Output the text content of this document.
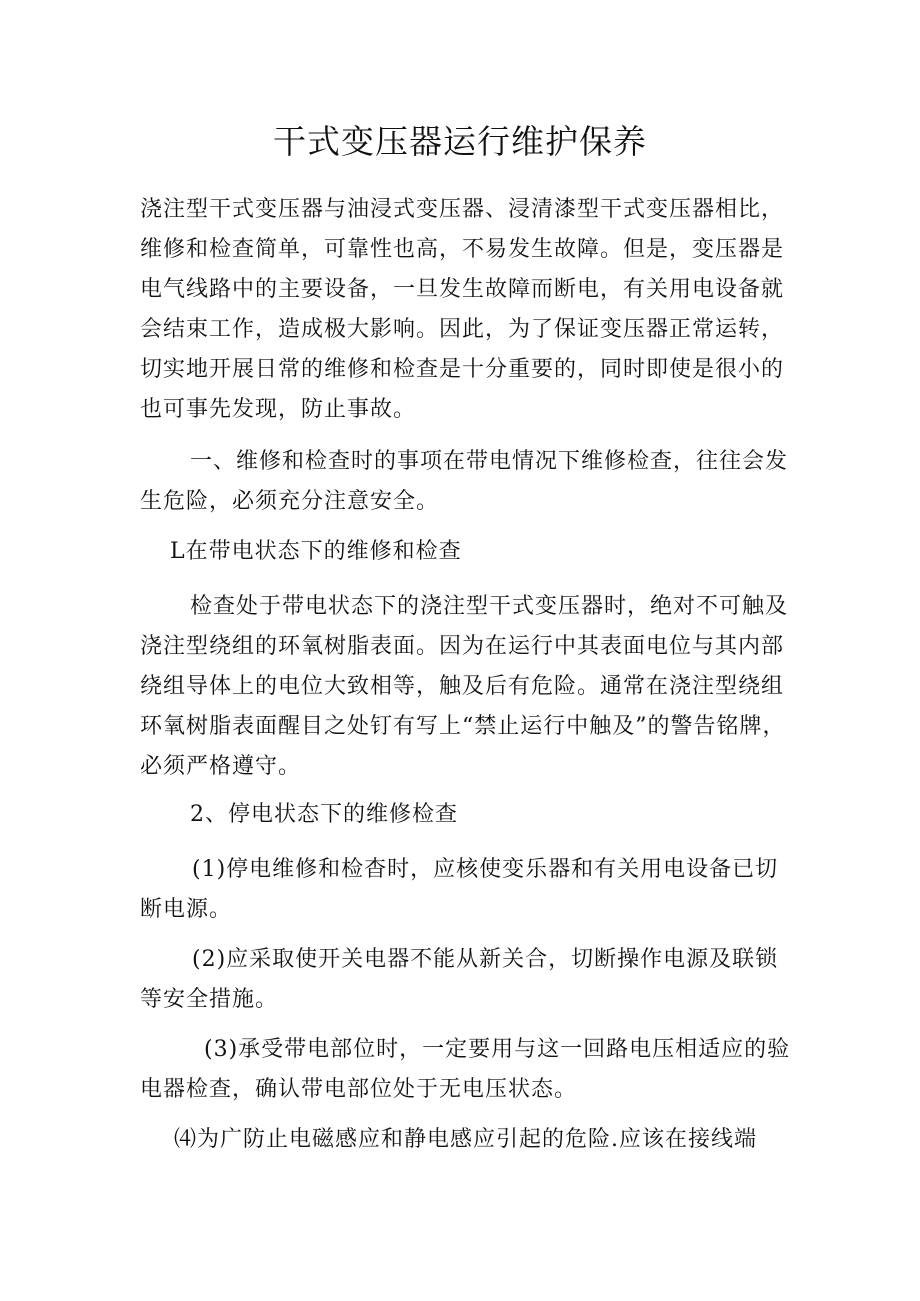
干式变压器运行维护保养

浇注型干式变压器与油浸式变压器、浸清漆型干式变压器相比，维修和检查简单，可靠性也高，不易发生故障。但是，变压器是电气线路中的主要设备，一旦发生故障而断电，有关用电设备就会结束工作，造成极大影响。因此，为了保证变压器正常运转，切实地开展日常的维修和检查是十分重要的，同时即使是很小的也可事先发现，防止事故。

一、维修和检查时的事项在带电情况下维修检查，往往会发生危险，必须充分注意安全。

L在带电状态下的维修和检查

检查处于带电状态下的浇注型干式变压器时，绝对不可触及浇注型绕组的环氧树脂表面。因为在运行中其表面电位与其内部绕组导体上的电位大致相等，触及后有危险。通常在浇注型绕组环氧树脂表面醒目之处钉有写上“禁止运行中触及”的警告铭牌，必须严格遵守。

2、停电状态下的维修检查

(1)停电维修和检杳时，应核使变乐器和有关用电设备已切断电源。

(2)应采取使开关电器不能从新关合，切断操作电源及联锁等安全措施。

(3)承受带电部位时，一定要用与这一回路电压相适应的验电器检查，确认带电部位处于无电压状态。

⑷为广防止电磁感应和静电感应引起的危险.应该在接线端
